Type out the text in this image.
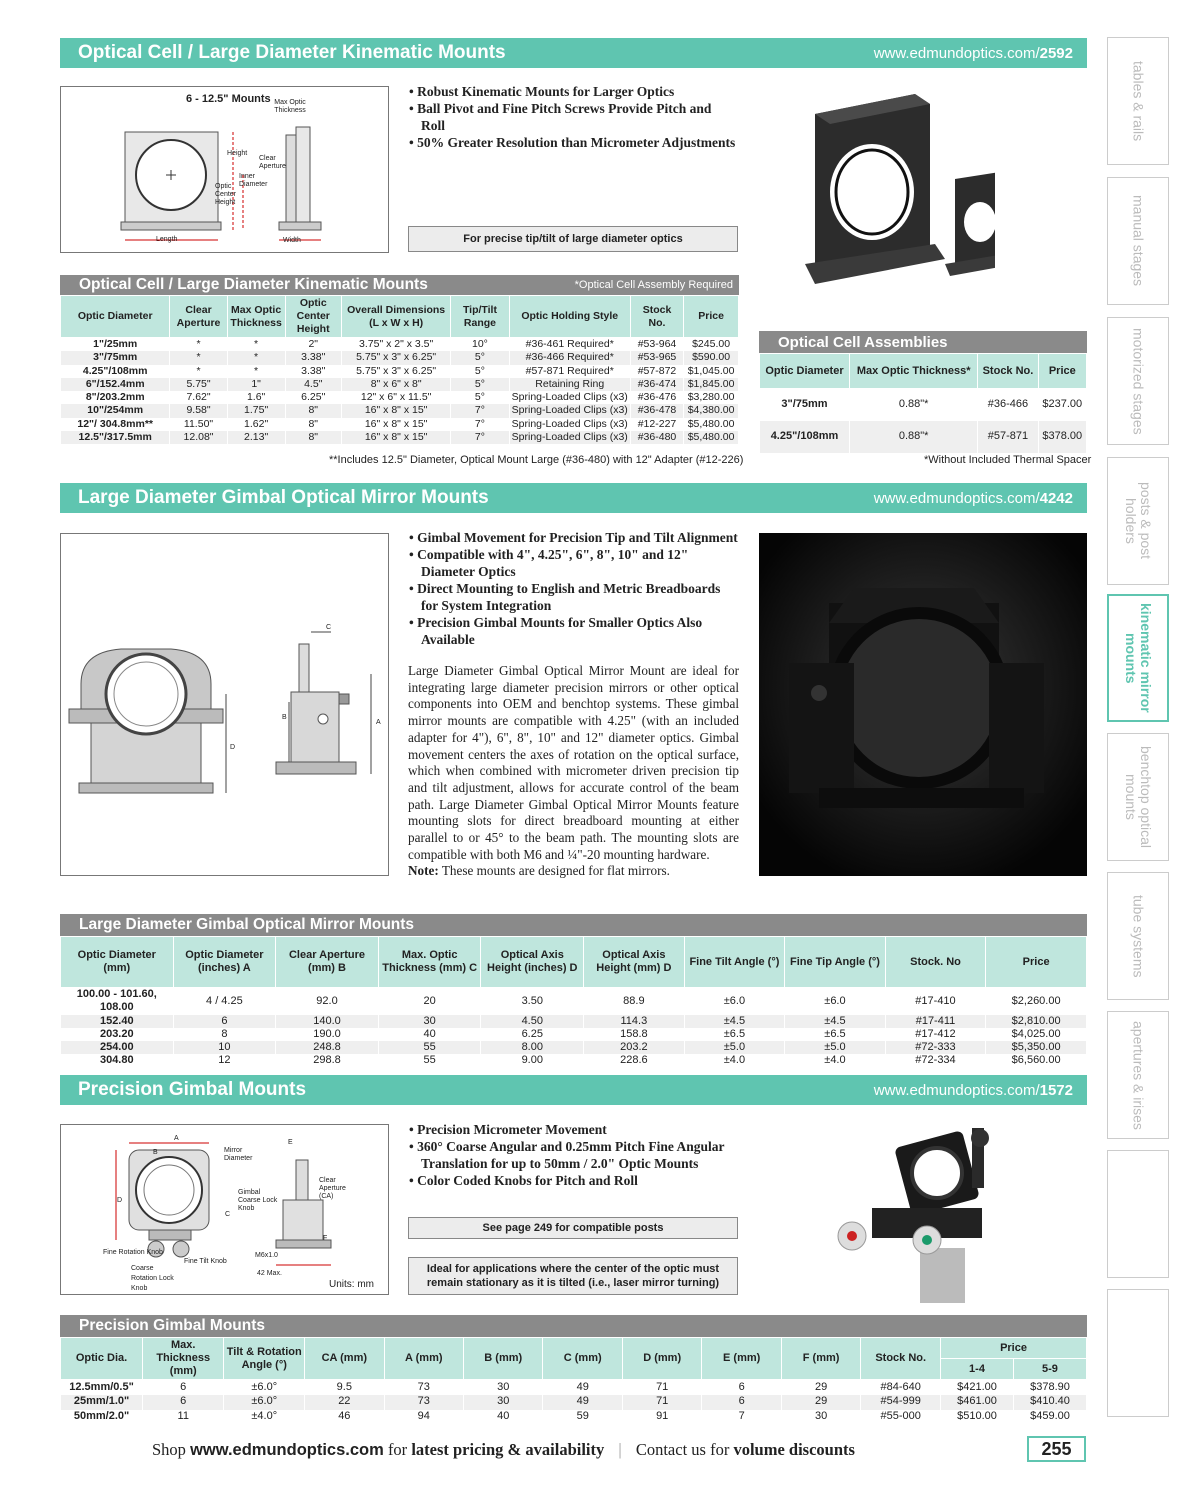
Optical Cell / Large Diameter Kinematic Mounts	www.edmundoptics.com/2592
6 - 12.5" Mounts Max Optic Thickness
Height
Clear Aperture
Inner Diameter
Optic Center Height
Length	Width
• Robust Kinematic Mounts for Larger Optics
• Ball Pivot and Fine Pitch Screws Provide Pitch and Roll
• 50% Greater Resolution than Micrometer Adjustments
For precise tip/tilt of large diameter optics
Optical Cell / Large Diameter Kinematic Mounts	*Optical Cell Assembly Required
Optic Diameter	Clear Aperture	Max Optic Thickness	Optic Center Height	Overall Dimensions (L x W x H)	Tip/Tilt Range	Optic Holding Style	Stock No.	Price
1"/25mm	*	*	2"	3.75" x 2" x 3.5"	10°	#36-461 Required*	#53-964	$245.00
3"/75mm	*	*	3.38"	5.75" x 3" x 6.25"	5°	#36-466 Required*	#53-965	$590.00
4.25"/108mm	*	*	3.38"	5.75" x 3" x 6.25"	5°	#57-871 Required*	#57-872	$1,045.00
6"/152.4mm	5.75"	1"	4.5"	8" x 6" x 8"	5°	Retaining Ring	#36-474	$1,845.00
8"/203.2mm	7.62"	1.6"	6.25"	12" x 6" x 11.5"	5°	Spring-Loaded Clips (x3)	#36-476	$3,280.00
10"/254mm	9.58"	1.75"	8"	16" x 8" x 15"	7°	Spring-Loaded Clips (x3)	#36-478	$4,380.00
12"/ 304.8mm**	11.50"	1.62"	8"	16" x 8" x 15"	7°	Spring-Loaded Clips (x3)	#12-227	$5,480.00
12.5"/317.5mm	12.08"	2.13"	8"	16" x 8" x 15"	7°	Spring-Loaded Clips (x3)	#36-480	$5,480.00
**Includes 12.5" Diameter, Optical Mount Large (#36-480) with 12" Adapter (#12-226)
Optical Cell Assemblies
Optic Diameter	Max Optic Thickness*	Stock No.	Price
3"/75mm	0.88"*	#36-466	$237.00
4.25"/108mm	0.88"*	#57-871	$378.00
*Without Included Thermal Spacer
Large Diameter Gimbal Optical Mirror Mounts	www.edmundoptics.com/4242
C
B
A
D
• Gimbal Movement for Precision Tip and Tilt Alignment
• Compatible with 4", 4.25", 6", 8", 10" and 12" Diameter Optics
• Direct Mounting to English and Metric Breadboards for System Integration
• Precision Gimbal Mounts for Smaller Optics Also Available
Large Diameter Gimbal Optical Mirror Mount are ideal for integrating large diameter precision mirrors or other optical components into OEM and benchtop systems. These gimbal mirror mounts are compatible with 4.25" (with an included adapter for 4"), 6", 8", 10" and 12" diameter optics. Gimbal movement centers the axes of rotation on the optical surface, which when combined with micrometer driven precision tip and tilt adjustment, allows for accurate control of the beam path. Large Diameter Gimbal Optical Mirror Mounts feature mounting slots for direct breadboard mounting at either parallel to or 45° to the beam path. The mounting slots are compatible with both M6 and ¼"-20 mounting hardware.
Note: These mounts are designed for flat mirrors.
Large Diameter Gimbal Optical Mirror Mounts
Optic Diameter (mm)	Optic Diameter (inches) A	Clear Aperture (mm) B	Max. Optic Thickness (mm) C	Optical Axis Height (inches) D	Optical Axis Height (mm) D	Fine Tilt Angle (°)	Fine Tip Angle (°)	Stock. No	Price
100.00 - 101.60, 108.00	4 / 4.25	92.0	20	3.50	88.9	±6.0	±6.0	#17-410	$2,260.00
152.40	6	140.0	30	4.50	114.3	±4.5	±4.5	#17-411	$2,810.00
203.20	8	190.0	40	6.25	158.8	±6.5	±6.5	#17-412	$4,025.00
254.00	10	248.8	55	8.00	203.2	±5.0	±5.0	#72-333	$5,350.00
304.80	12	298.8	55	9.00	228.6	±4.0	±4.0	#72-334	$6,560.00
Precision Gimbal Mounts	www.edmundoptics.com/1572
A
B	Mirror Diameter
E
D
Clear Aperture (CA)
Gimbal Coarse Lock Knob
C
F
M6x1.0
Fine Rotation Knob
Coarse Rotation Lock Knob
Fine Tilt Knob
42 Max.
Units: mm
• Precision Micrometer Movement
• 360° Coarse Angular and 0.25mm Pitch Fine Angular Translation for up to 50mm / 2.0" Optic Mounts
• Color Coded Knobs for Pitch and Roll
See page 249 for compatible posts
Ideal for applications where the center of the optic must remain stationary as it is tilted (i.e., laser mirror turning)
Precision Gimbal Mounts
Optic Dia.	Max. Thickness (mm)	Tilt & Rotation Angle (°)	CA (mm)	A (mm)	B (mm)	C (mm)	D (mm)	E (mm)	F (mm)	Stock No.	Price	
											1-4	5-9
12.5mm/0.5"	6	±6.0°	9.5	73	30	49	71	6	29	#84-640	$421.00	$378.90
25mm/1.0"	6	±6.0°	22	73	30	49	71	6	29	#54-999	$461.00	$410.40
50mm/2.0"	11	±4.0°	46	94	40	59	91	7	30	#55-000	$510.00	$459.00
tables & rails
manual stages
motorized stages
posts & post holders
kinematic mirror mounts
benchtop optical mounts
tube systems
apertures & irises
Shop www.edmundoptics.com for latest pricing & availability | Contact us for volume discounts	255
